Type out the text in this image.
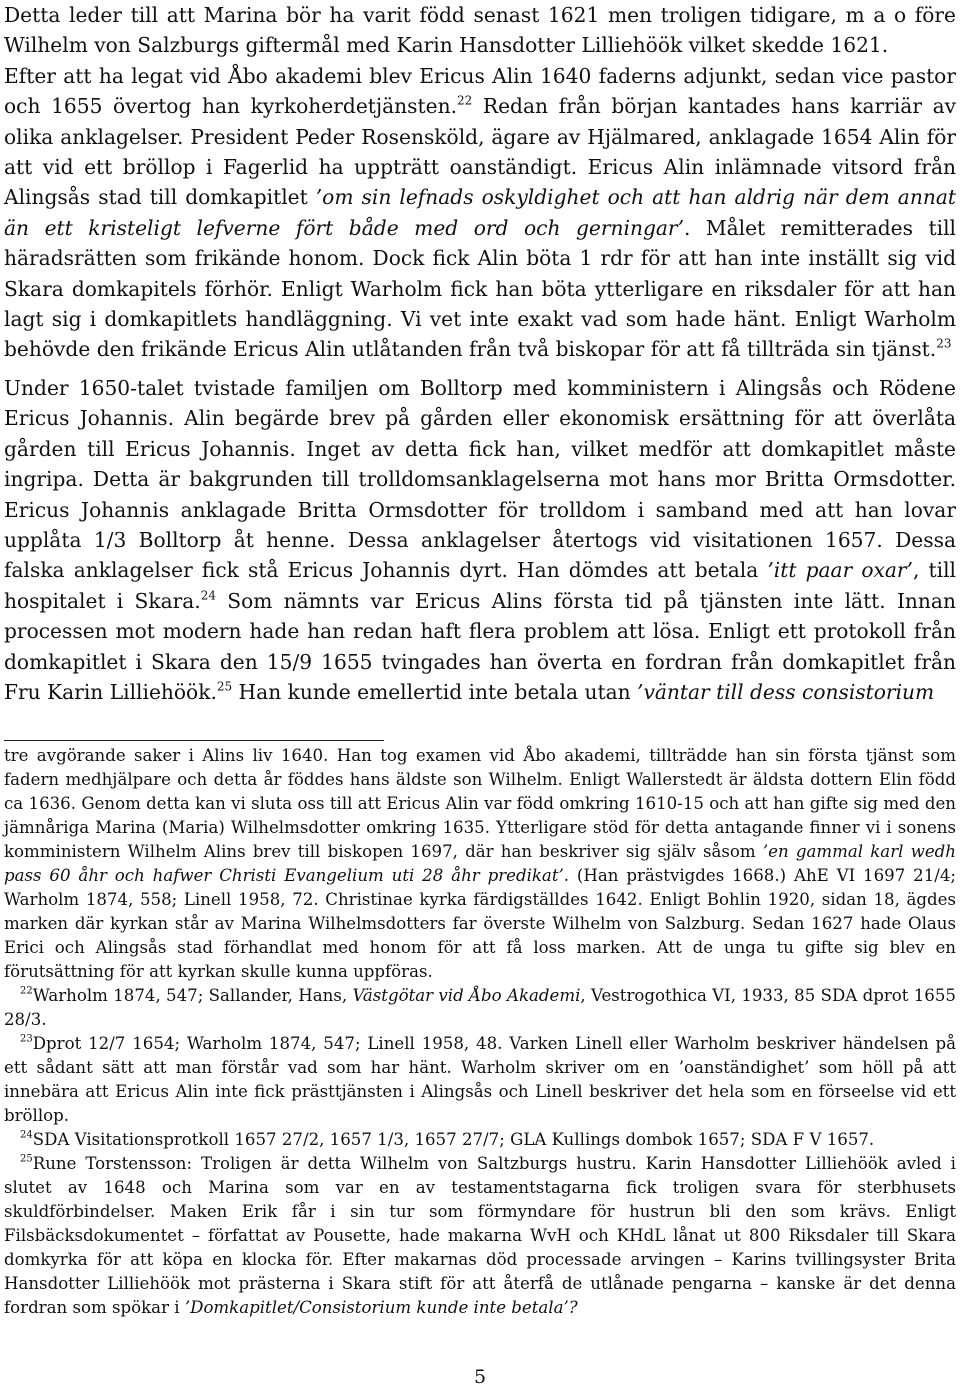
Detta leder till att Marina bör ha varit född senast 1621 men troligen tidigare, m a o före Wilhelm von Salzburgs giftermål med Karin Hansdotter Lilliehöök vilket skedde 1621.

Efter att ha legat vid Åbo akademi blev Ericus Alin 1640 faderns adjunkt, sedan vice pastor och 1655 övertog han kyrkoherdetjänsten.$^{22}$ Redan från början kantades hans karriär av olika anklagelser. President Peder Rosensköld, ägare av Hjälmared, anklagade 1654 Alin för att vid ett bröllop i Fagerlid ha uppträtt oanständigt. Ericus Alin inlämnade vitsord från Alingsås stad till domkapitlet ’om sin lefnads oskyldighet och att han aldrig när dem annat än ett kristeligt lefverne fört både med ord och gerningar’. Målet remitterades till häradsrätten som frikände honom. Dock fick Alin böta 1 rdr för att han inte inställt sig vid Skara domkapitels förhör. Enligt Warholm fick han böta ytterligare en riksdaler för att han lagt sig i domkapitlets handläggning. Vi vet inte exakt vad som hade hänt. Enligt Warholm behövde den frikände Ericus Alin utlåtanden från två biskopar för att få tillträda sin tjänst.$^{23}$

Under 1650-talet tvistade familjen om Bolltorp med komministern i Alingsås och Rödene Ericus Johannis. Alin begärde brev på gården eller ekonomisk ersättning för att överlåta gården till Ericus Johannis. Inget av detta fick han, vilket medför att domkapitlet måste ingripa. Detta är bakgrunden till trolldomsanklagelserna mot hans mor Britta Ormsdotter. Ericus Johannis anklagade Britta Ormsdotter för trolldom i samband med att han lovar upplåta 1/3 Bolltorp åt henne. Dessa anklagelser återtogs vid visitationen 1657. Dessa falska anklagelser fick stå Ericus Johannis dyrt. Han dömdes att betala ’itt paar oxar’, till hospitalet i Skara.$^{24}$ Som nämnts var Ericus Alins första tid på tjänsten inte lätt. Innan processen mot modern hade han redan haft flera problem att lösa. Enligt ett protokoll från domkapitlet i Skara den 15/9 1655 tvingades han överta en fordran från domkapitlet från Fru Karin Lilliehöök.$^{25}$ Han kunde emellertid inte betala utan ’väntar till dess consistorium

tre avgörande saker i Alins liv 1640. Han tog examen vid Åbo akademi, tillträdde han sin första tjänst som fadern medhjälpare och detta år föddes hans äldste son Wilhelm. Enligt Wallerstedt är äldsta dottern Elin född ca 1636. Genom detta kan vi sluta oss till att Ericus Alin var född omkring 1610-15 och att han gifte sig med den jämnåriga Marina (Maria) Wilhelmsdotter omkring 1635. Ytterligare stöd för detta antagande finner vi i sonens komministern Wilhelm Alins brev till biskopen 1697, där han beskriver sig själv såsom ’en gammal karl wedh pass 60 åhr och hafwer Christi Evangelium uti 28 åhr predikat’. (Han prästvigdes 1668.) AhE VI 1697 21/4; Warholm 1874, 558; Linell 1958, 72. Christinae kyrka färdigställdes 1642. Enligt Bohlin 1920, sidan 18, ägdes marken där kyrkan står av Marina Wilhelmsdotters far överste Wilhelm von Salzburg. Sedan 1627 hade Olaus Erici och Alingsås stad förhandlat med honom för att få loss marken. Att de unga tu gifte sig blev en förutsättning för att kyrkan skulle kunna uppföras.

$^{22}$Warholm 1874, 547; Sallander, Hans, Västgötar vid Åbo Akademi, Vestrogothica VI, 1933, 85 SDA dprot 1655 28/3.

$^{23}$Dprot 12/7 1654; Warholm 1874, 547; Linell 1958, 48. Varken Linell eller Warholm beskriver händelsen på ett sådant sätt att man förstår vad som har hänt. Warholm skriver om en ’oanständighet’ som höll på att innebära att Ericus Alin inte fick prästtjänsten i Alingsås och Linell beskriver det hela som en förseelse vid ett bröllop.

$^{24}$SDA Visitationsprotkoll 1657 27/2, 1657 1/3, 1657 27/7; GLA Kullings dombok 1657; SDA F V 1657.

$^{25}$Rune Torstensson: Troligen är detta Wilhelm von Saltzburgs hustru. Karin Hansdotter Lilliehöök avled i slutet av 1648 och Marina som var en av testamentstagarna fick troligen svara för sterbhusets skuldförbindelser. Maken Erik får i sin tur som förmyndare för hustrun bli den som krävs. Enligt Filsbäcksdokumentet – författat av Pousette, hade makarna WvH och KHdL lånat ut 800 Riksdaler till Skara domkyrka för att köpa en klocka för. Efter makarnas död processade arvingen – Karins tvillingsyster Brita Hansdotter Lilliehöök mot prästerna i Skara stift för att återfå de utlånade pengarna – kanske är det denna fordran som spökar i ’Domkapitlet/Consistorium kunde inte betala’?

5
